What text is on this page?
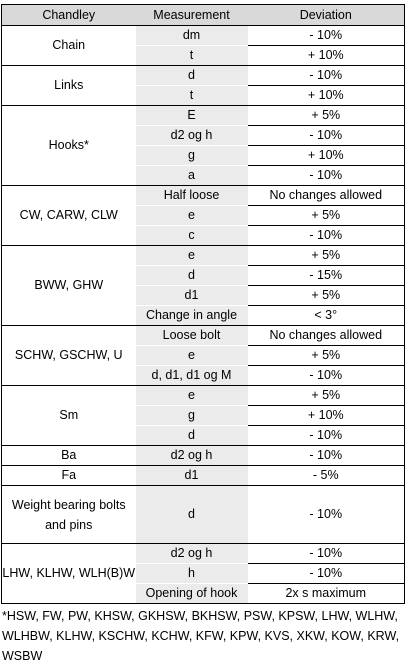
Chandley	Measurement	Deviation
Chain	dm	- 10%
	t	+ 10%
Links	d	- 10%
	t	+ 10%
Hooks*	E	+ 5%
	d2 og h	- 10%
	g	+ 10%
	a	- 10%
CW, CARW, CLW	Half loose	No changes allowed
	e	+ 5%
	c	- 10%
BWW, GHW	e	+ 5%
	d	- 15%
	d1	+ 5%
	Change in angle	< 3°
SCHW, GSCHW, U	Loose bolt	No changes allowed
	e	+ 5%
	d, d1, d1 og M	- 10%
Sm	e	+ 5%
	g	+ 10%
	d	- 10%
Ba	d2 og h	- 10%
Fa	d1	- 5%
Weight bearing bolts and pins	d	- 10%
LHW, KLHW, WLH(B)W	d2 og h	- 10%
	h	- 10%
	Opening of hook	2x s maximum
*HSW, FW, PW, KHSW, GKHSW, BKHSW, PSW, KPSW, LHW, WLHW, WLHBW, KLHW, KSCHW, KCHW, KFW, KPW, KVS, XKW, KOW, KRW, WSBW
